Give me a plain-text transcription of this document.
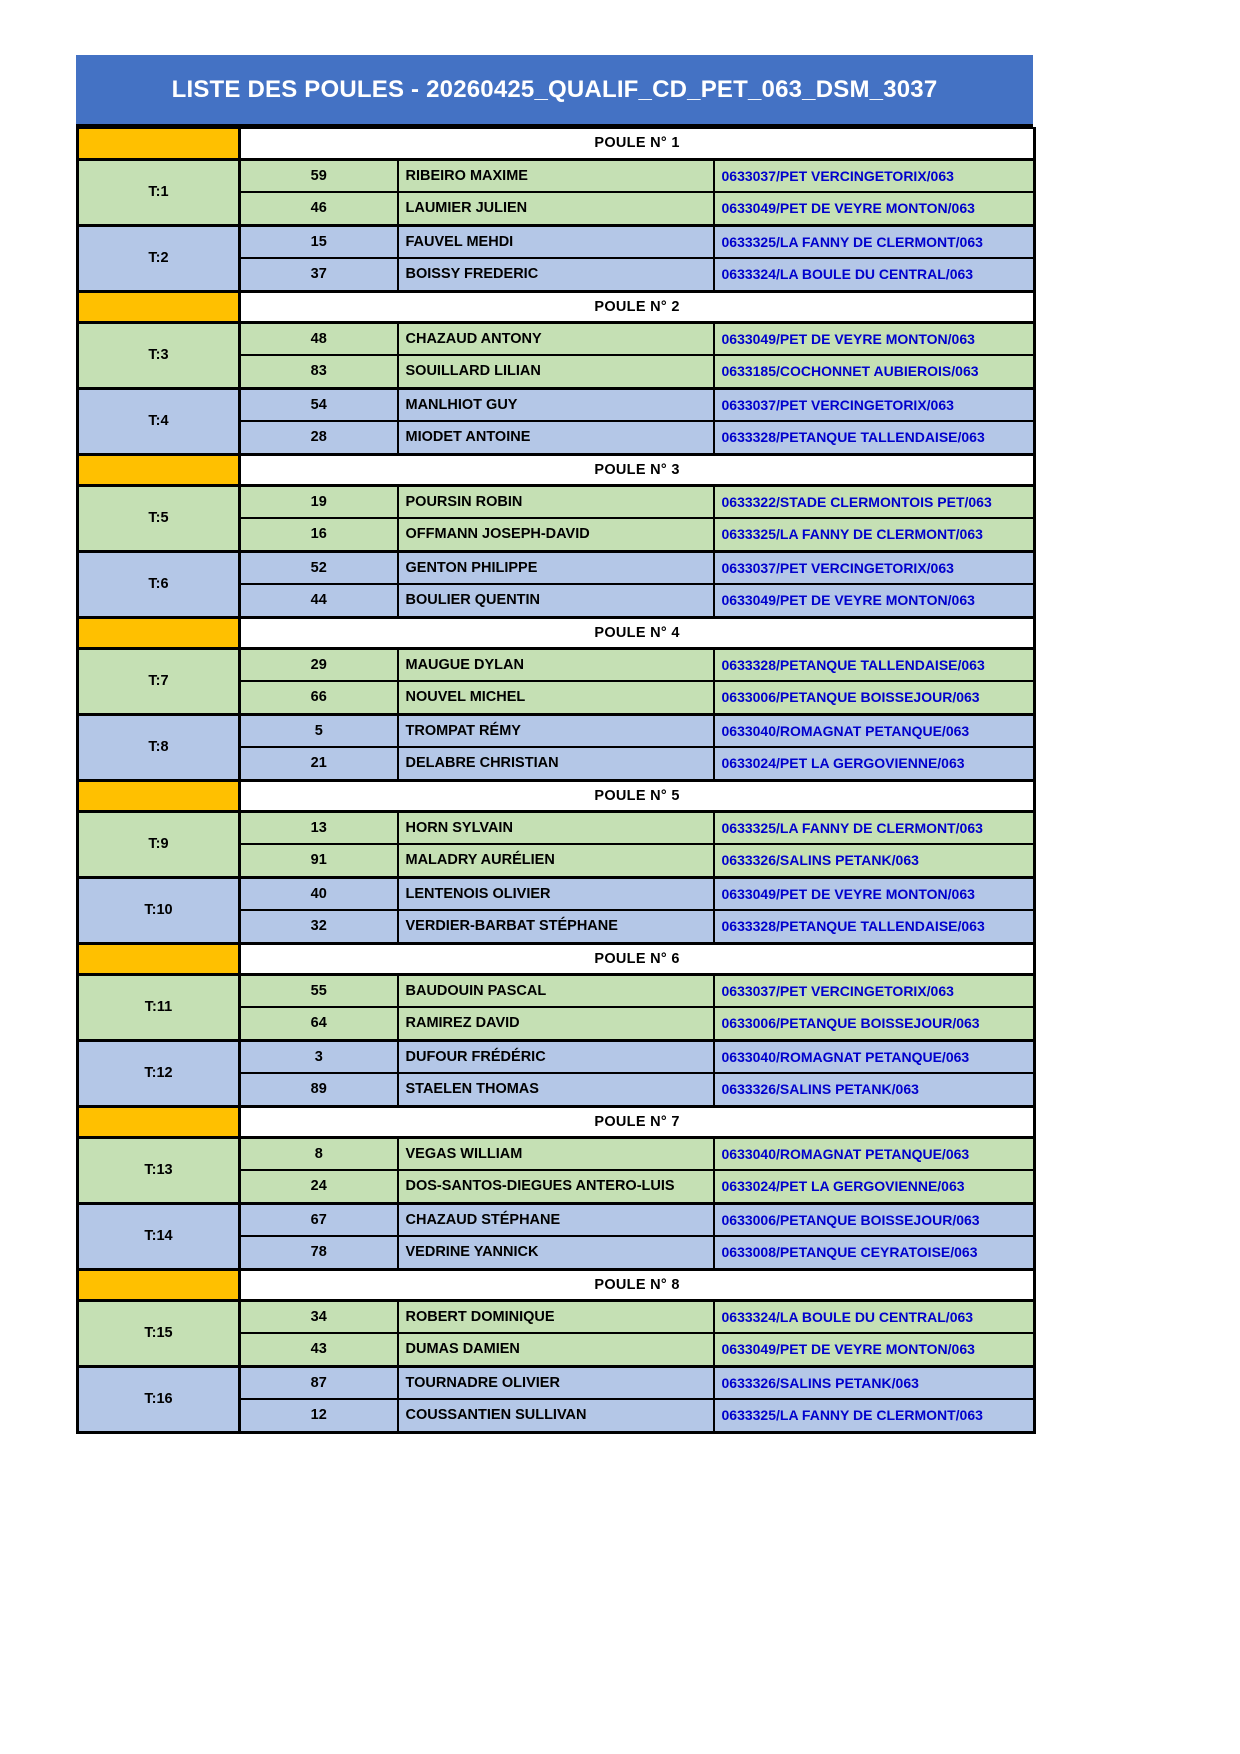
LISTE DES POULES - 20260425_QUALIF_CD_PET_063_DSM_3037
	POULE N° 1		
T:1	59	RIBEIRO MAXIME	0633037/PET VERCINGETORIX/063
	46	LAUMIER JULIEN	0633049/PET DE VEYRE MONTON/063
T:2	15	FAUVEL MEHDI	0633325/LA FANNY DE CLERMONT/063
	37	BOISSY FREDERIC	0633324/LA BOULE DU CENTRAL/063
	POULE N° 2		
T:3	48	CHAZAUD ANTONY	0633049/PET DE VEYRE MONTON/063
	83	SOUILLARD LILIAN	0633185/COCHONNET AUBIEROIS/063
T:4	54	MANLHIOT GUY	0633037/PET VERCINGETORIX/063
	28	MIODET ANTOINE	0633328/PETANQUE TALLENDAISE/063
	POULE N° 3		
T:5	19	POURSIN ROBIN	0633322/STADE CLERMONTOIS PET/063
	16	OFFMANN JOSEPH-DAVID	0633325/LA FANNY DE CLERMONT/063
T:6	52	GENTON PHILIPPE	0633037/PET VERCINGETORIX/063
	44	BOULIER QUENTIN	0633049/PET DE VEYRE MONTON/063
	POULE N° 4		
T:7	29	MAUGUE DYLAN	0633328/PETANQUE TALLENDAISE/063
	66	NOUVEL MICHEL	0633006/PETANQUE BOISSEJOUR/063
T:8	5	TROMPAT RÉMY	0633040/ROMAGNAT PETANQUE/063
	21	DELABRE CHRISTIAN	0633024/PET LA GERGOVIENNE/063
	POULE N° 5		
T:9	13	HORN SYLVAIN	0633325/LA FANNY DE CLERMONT/063
	91	MALADRY AURÉLIEN	0633326/SALINS PETANK/063
T:10	40	LENTENOIS OLIVIER	0633049/PET DE VEYRE MONTON/063
	32	VERDIER-BARBAT STÉPHANE	0633328/PETANQUE TALLENDAISE/063
	POULE N° 6		
T:11	55	BAUDOUIN PASCAL	0633037/PET VERCINGETORIX/063
	64	RAMIREZ DAVID	0633006/PETANQUE BOISSEJOUR/063
T:12	3	DUFOUR FRÉDÉRIC	0633040/ROMAGNAT PETANQUE/063
	89	STAELEN THOMAS	0633326/SALINS PETANK/063
	POULE N° 7		
T:13	8	VEGAS WILLIAM	0633040/ROMAGNAT PETANQUE/063
	24	DOS-SANTOS-DIEGUES ANTERO-LUIS	0633024/PET LA GERGOVIENNE/063
T:14	67	CHAZAUD STÉPHANE	0633006/PETANQUE BOISSEJOUR/063
	78	VEDRINE YANNICK	0633008/PETANQUE CEYRATOISE/063
	POULE N° 8		
T:15	34	ROBERT DOMINIQUE	0633324/LA BOULE DU CENTRAL/063
	43	DUMAS DAMIEN	0633049/PET DE VEYRE MONTON/063
T:16	87	TOURNADRE OLIVIER	0633326/SALINS PETANK/063
	12	COUSSANTIEN SULLIVAN	0633325/LA FANNY DE CLERMONT/063
